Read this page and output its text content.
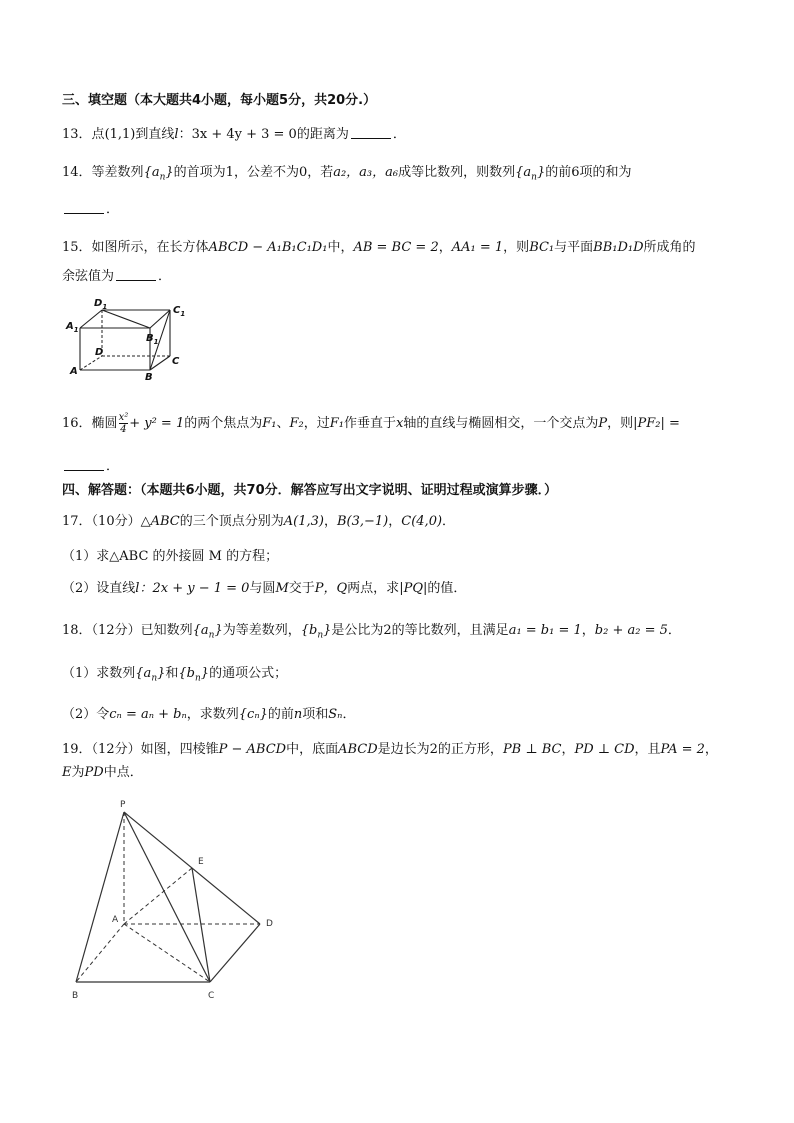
三、填空题（本大题共4小题，每小题5分，共20分.）
13．点(1,1)到直线l：3x + 4y + 3 = 0的距离为	．
14．等差数列$\{a_n\}$的首项为1，公差不为0，若a₂，a₃，a₆成等比数列，则数列$\{a_n\}$的前6项的和为
．
15．如图所示，在长方体ABCD − A₁B₁C₁D₁中，AB = BC = 2，AA₁ = 1，则BC₁与平面BB₁D₁D所成角的
余弦值为	．
$D_1$	$C_1$
$A_1$
$B_1$
D
C
A
B
16．椭圆 $\frac{\text{x²}}{4} + y^2 = 1$的两个焦点为F₁、F₂，过F₁作垂直于x轴的直线与椭圆相交，一个交点为P，则|PF₂| =
．
四、解答题：（本题共6小题，共70分．解答应写出文字说明、证明过程或演算步骤．）
17．（10分）△ABC的三个顶点分别为A(1,3)，B(3,−1)，C(4,0)．
（1）求△ABC 的外接圆 M 的方程；
（2）设直线l：2x + y − 1 = 0与圆M交于P，Q两点，求|PQ|的值．
18．（12分）已知数列$\{a_n\}$为等差数列，$\{b_n\}$是公比为2的等比数列，且满足a₁ = b₁ = 1，b₂ + a₂ = 5．
（1）求数列$\{a_n\}$和$\{b_n\}$的通项公式；
（2）令cₙ = aₙ + bₙ，求数列{cₙ}的前n项和Sₙ．
19．（12分）如图，四棱锥P − ABCD中，底面ABCD是边长为2的正方形，PB ⊥ BC，PD ⊥ CD，且PA = 2，
E为PD中点．
P
E
A	D
B	C
